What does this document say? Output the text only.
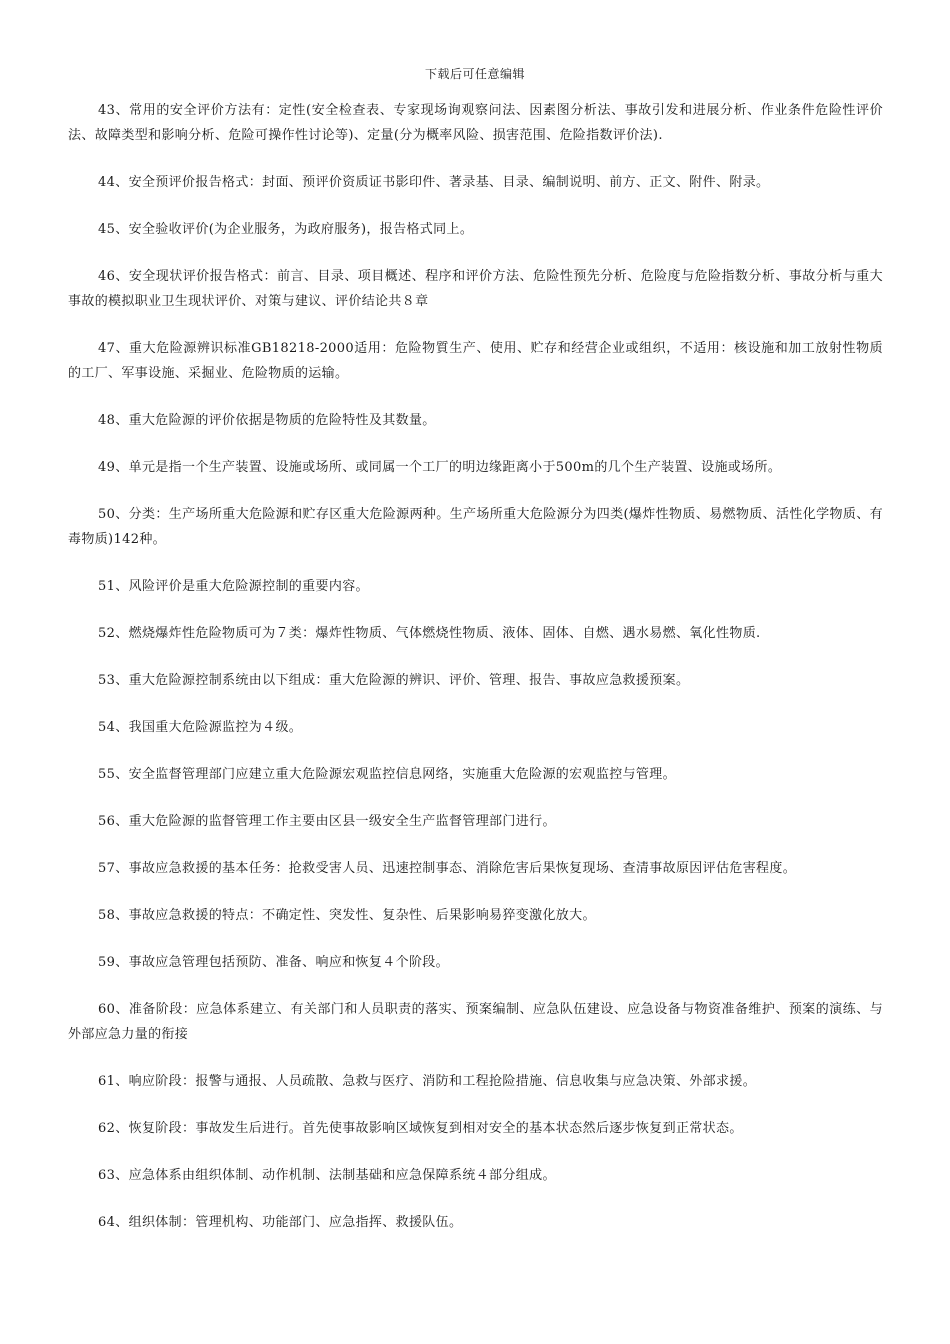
下载后可任意编辑

43、常用的安全评价方法有：定性(安全检查表、专家现场询观察问法、因素图分析法、事故引发和进展分析、作业条件危险性评价法、故障类型和影响分析、危险可操作性讨论等)、定量(分为概率风险、损害范围、危险指数评价法).

44、安全预评价报告格式：封面、预评价资质证书影印件、著录基、目录、编制说明、前方、正文、附件、附录。

45、安全验收评价(为企业服务，为政府服务)，报告格式同上。

46、安全现状评价报告格式：前言、目录、项目概述、程序和评价方法、危险性预先分析、危险度与危险指数分析、事故分析与重大事故的模拟职业卫生现状评价、对策与建议、评价结论共８章

47、重大危险源辨识标准GB18218-2000适用：危险物質生产、使用、贮存和经营企业或组织，不适用：核设施和加工放射性物质的工厂、军事设施、采掘业、危险物质的运输。

48、重大危险源的评价依据是物质的危险特性及其数量。

49、单元是指一个生产装置、设施或场所、或同属一个工厂的明边缘距离小于500m的几个生产装置、设施或场所。

50、分类：生产场所重大危险源和贮存区重大危险源两种。生产场所重大危险源分为四类(爆炸性物质、易燃物质、活性化学物质、有毒物质)142种。

51、风险评价是重大危险源控制的重要内容。

52、燃烧爆炸性危险物质可为７类：爆炸性物质、气体燃烧性物质、液体、固体、自燃、遇水易燃、氧化性物质.

53、重大危险源控制系统由以下组成：重大危险源的辨识、评价、管理、报告、事故应急救援预案。

54、我国重大危险源监控为４级。

55、安全监督管理部门应建立重大危险源宏观监控信息网络，实施重大危险源的宏观监控与管理。

56、重大危险源的监督管理工作主要由区县一级安全生产监督管理部门进行。

57、事故应急救援的基本任务：抢救受害人员、迅速控制事态、消除危害后果恢复现场、查清事故原因评估危害程度。

58、事故应急救援的特点：不确定性、突发性、复杂性、后果影响易猝变激化放大。

59、事故应急管理包括预防、准备、响应和恢复４个阶段。

60、准备阶段：应急体系建立、有关部门和人员职责的落实、预案编制、应急队伍建设、应急设备与物资准备维护、预案的演练、与外部应急力量的衔接

61、响应阶段：报警与通报、人员疏散、急救与医疗、消防和工程抢险措施、信息收集与应急决策、外部求援。

62、恢复阶段：事故发生后进行。首先使事故影响区域恢复到相对安全的基本状态然后逐步恢复到正常状态。

63、应急体系由组织体制、动作机制、法制基础和应急保障系统４部分组成。

64、组织体制：管理机构、功能部门、应急指挥、救援队伍。
